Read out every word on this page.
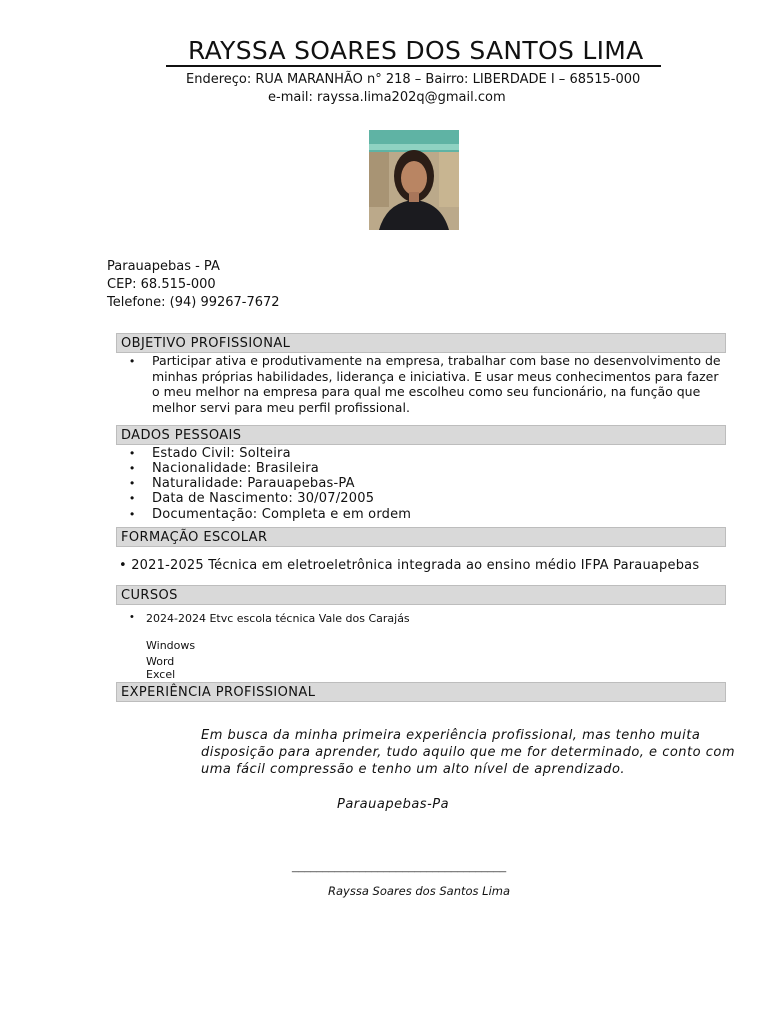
RAYSSA SOARES DOS SANTOS LIMA
Endereço: RUA MARANHÃO n° 218 – Bairro: LIBERDADE I – 68515-000
e-mail: rayssa.lima202q@gmail.com
Parauapebas - PA
CEP: 68.515-000
Telefone: (94) 99267-7672
OBJETIVO PROFISSIONAL
• Participar ativa e produtivamente na empresa, trabalhar com base no desenvolvimento de
minhas próprias habilidades, liderança e iniciativa. E usar meus conhecimentos para fazer
o meu melhor na empresa para qual me escolheu como seu funcionário, na função que
melhor servi para meu perfil profissional.
DADOS PESSOAIS
• Estado Civil: Solteira
• Nacionalidade: Brasileira
• Naturalidade: Parauapebas-PA
• Data de Nascimento: 30/07/2005
• Documentação: Completa e em ordem
FORMAÇÃO ESCOLAR
• 2021-2025 Técnica em eletroeletrônica integrada ao ensino médio IFPA Parauapebas
CURSOS
• 2024-2024 Etvc escola técnica Vale dos Carajás
Windows
Word
Excel
EXPERIÊNCIA PROFISSIONAL
Em busca da minha primeira experiência profissional, mas tenho muita
disposição para aprender, tudo aquilo que me for determinado, e conto com
uma fácil compressão e tenho um alto nível de aprendizado.
Parauapebas-Pa
___________________________________
Rayssa Soares dos Santos Lima
